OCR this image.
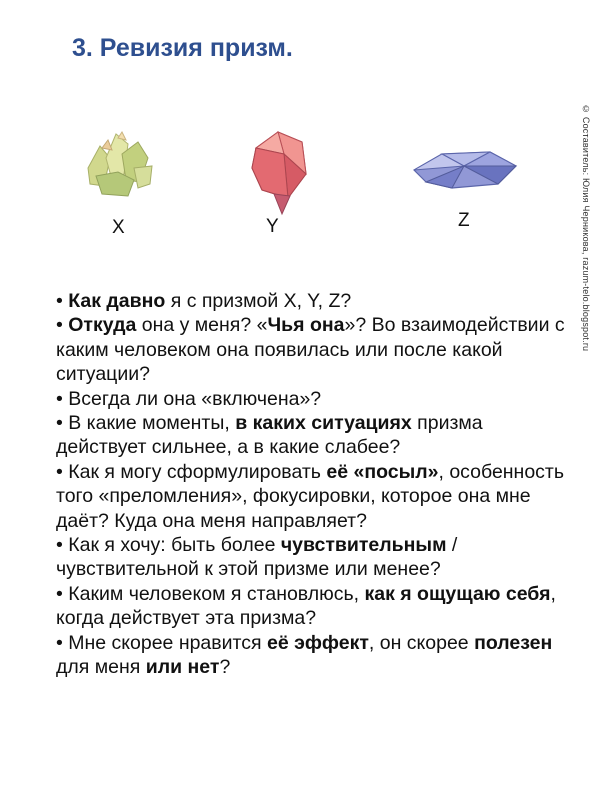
3. Ревизия призм.
© Составитель: Юлия Черникова, razum-telo.blogspot.ru
X	Y	Z

• Как давно я с призмой X, Y, Z?

• Откуда она у меня? «Чья она»? Во взаимодействии с каким человеком она появилась или после какой ситуации?

• Всегда ли она «включена»?

• В какие моменты, в каких ситуациях призма действует сильнее, а в какие слабее?

• Как я могу сформулировать её «посыл», особенность того «преломления», фокусировки, которое она мне даёт? Куда она меня направляет?

• Как я хочу: быть более чувствительным / чувствительной к этой призме или менее?

• Каким человеком я становлюсь, как я ощущаю себя, когда действует эта призма?

• Мне скорее нравится её эффект, он скорее полезен для меня или нет?
